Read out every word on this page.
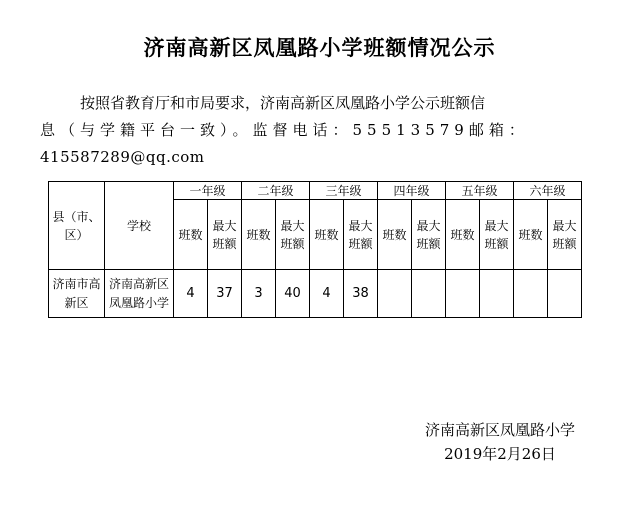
济南高新区凤凰路小学班额情况公示
按照省教育厅和市局要求，济南高新区凤凰路小学公示班额信
息（与学籍平台一致）。监督电话：55513579邮箱：
415587289@qq.com
县（市、区）	学校	一年级		二年级		三年级		四年级		五年级		六年级	
		班数	最大班额	班数	最大班额	班数	最大班额	班数	最大班额	班数	最大班额	班数	最大班额
济南市高新区	济南高新区凤凰路小学	4	37	3	40	4	38						
济南高新区凤凰路小学
2019年2月26日
